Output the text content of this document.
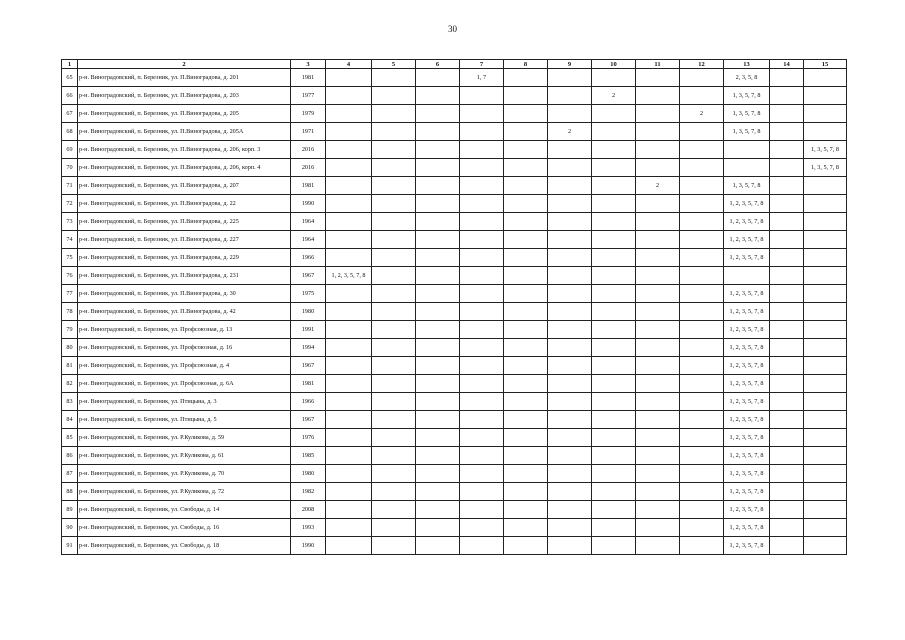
30
1	2	3	4	5	6	7	8	9	10	11	12	13	14	15
65	р-н. Виноградовский, п. Березник, ул. П.Виноградова, д. 201	1981				1, 7						2, 3, 5, 8		
66	р-н. Виноградовский, п. Березник, ул. П.Виноградова, д. 203	1977							2			1, 3, 5, 7, 8		
67	р-н. Виноградовский, п. Березник, ул. П.Виноградова, д. 205	1979									2	1, 3, 5, 7, 8		
68	р-н. Виноградовский, п. Березник, ул. П.Виноградова, д. 205А	1971						2				1, 3, 5, 7, 8		
69	р-н. Виноградовский, п. Березник, ул. П.Виноградова, д. 206, корп. 3	2016												1, 3, 5, 7, 8
70	р-н. Виноградовский, п. Березник, ул. П.Виноградова, д. 206, корп. 4	2016												1, 3, 5, 7, 8
71	р-н. Виноградовский, п. Березник, ул. П.Виноградова, д. 207	1981								2		1, 3, 5, 7, 8		
72	р-н. Виноградовский, п. Березник, ул. П.Виноградова, д. 22	1990										1, 2, 3, 5, 7, 8		
73	р-н. Виноградовский, п. Березник, ул. П.Виноградова, д. 225	1964										1, 2, 3, 5, 7, 8		
74	р-н. Виноградовский, п. Березник, ул. П.Виноградова, д. 227	1964										1, 2, 3, 5, 7, 8		
75	р-н. Виноградовский, п. Березник, ул. П.Виноградова, д. 229	1966										1, 2, 3, 5, 7, 8		
76	р-н. Виноградовский, п. Березник, ул. П.Виноградова, д. 231	1967	1, 2, 3, 5, 7, 8											
77	р-н. Виноградовский, п. Березник, ул. П.Виноградова, д. 30	1975										1, 2, 3, 5, 7, 8		
78	р-н. Виноградовский, п. Березник, ул. П.Виноградова, д. 42	1980										1, 2, 3, 5, 7, 8		
79	р-н. Виноградовский, п. Березник, ул. Профсоюзная, д. 13	1991										1, 2, 3, 5, 7, 8		
80	р-н. Виноградовский, п. Березник, ул. Профсоюзная, д. 16	1994										1, 2, 3, 5, 7, 8		
81	р-н. Виноградовский, п. Березник, ул. Профсоюзная, д. 4	1967										1, 2, 3, 5, 7, 8		
82	р-н. Виноградовский, п. Березник, ул. Профсоюзная, д. 6А	1981										1, 2, 3, 5, 7, 8		
83	р-н. Виноградовский, п. Березник, ул. Птицына, д. 3	1966										1, 2, 3, 5, 7, 8		
84	р-н. Виноградовский, п. Березник, ул. Птицына, д. 5	1967										1, 2, 3, 5, 7, 8		
85	р-н. Виноградовский, п. Березник, ул. Р.Куликова, д. 59	1976										1, 2, 3, 5, 7, 8		
86	р-н. Виноградовский, п. Березник, ул. Р.Куликова, д. 61	1985										1, 2, 3, 5, 7, 8		
87	р-н. Виноградовский, п. Березник, ул. Р.Куликова, д. 70	1980										1, 2, 3, 5, 7, 8		
88	р-н. Виноградовский, п. Березник, ул. Р.Куликова, д. 72	1982										1, 2, 3, 5, 7, 8		
89	р-н. Виноградовский, п. Березник, ул. Свободы, д. 14	2008										1, 2, 3, 5, 7, 8		
90	р-н. Виноградовский, п. Березник, ул. Свободы, д. 16	1993										1, 2, 3, 5, 7, 8		
91	р-н. Виноградовский, п. Березник, ул. Свободы, д. 18	1990										1, 2, 3, 5, 7, 8		
